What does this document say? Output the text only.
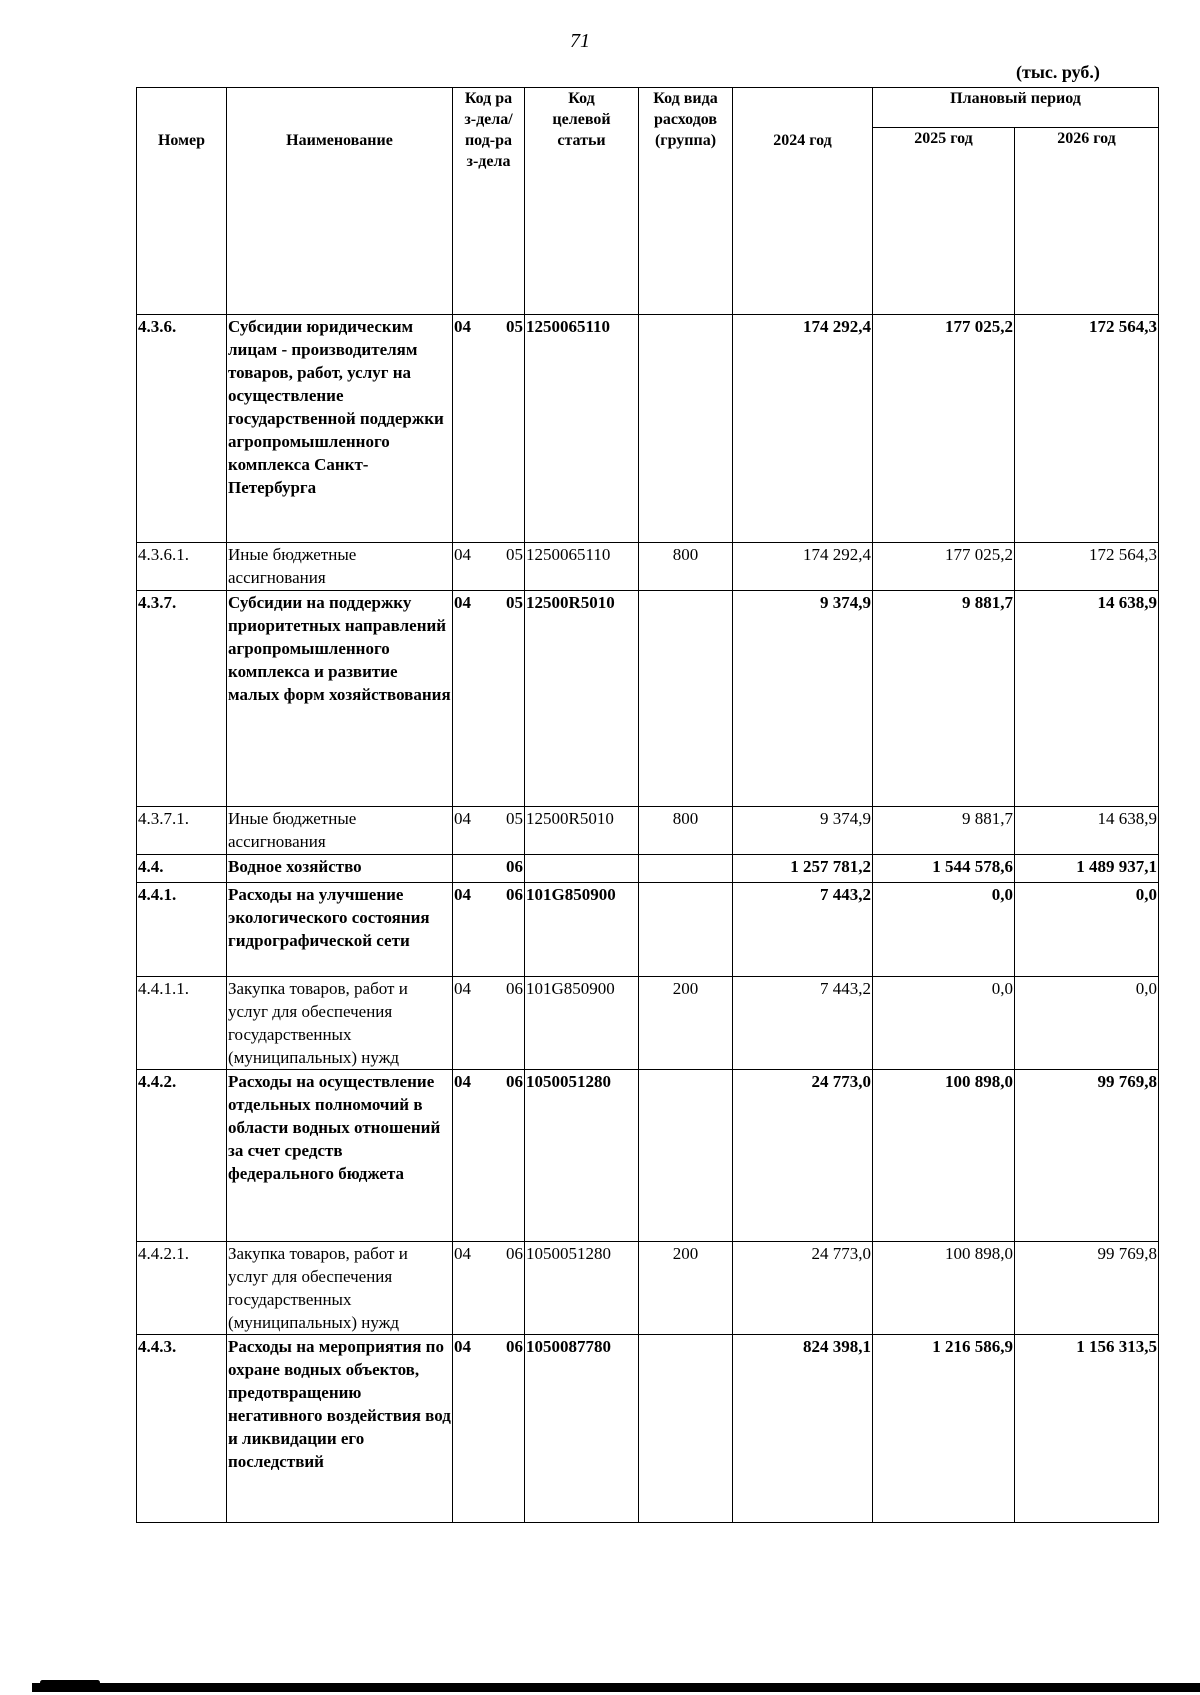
71
(тыс. руб.)
Номер	Наименование	Код раз-дела/ под-раз-дела	Код целевой статьи	Код вида расходов (группа)	2024 год	Плановый период	
						2025 год	2026 год
4.3.6.	Субсидии юридическим лицам - производителям товаров, работ, услуг на осуществление государственной поддержки агропромышленного комплекса Санкт-Петербурга	04 05	1250065110		174 292,4	177 025,2	172 564,3
4.3.6.1.	Иные бюджетные ассигнования	04 05	1250065110	800	174 292,4	177 025,2	172 564,3
4.3.7.	Субсидии на поддержку приоритетных направлений агропромышленного комплекса и развитие малых форм хозяйствования	04 05	12500R5010		9 374,9	9 881,7	14 638,9
4.3.7.1.	Иные бюджетные ассигнования	04 05	12500R5010	800	9 374,9	9 881,7	14 638,9
4.4.	Водное хозяйство	06			1 257 781,2	1 544 578,6	1 489 937,1
4.4.1.	Расходы на улучшение экологического состояния гидрографической сети	04 06	101G850900		7 443,2	0,0	0,0
4.4.1.1.	Закупка товаров, работ и услуг для обеспечения государственных (муниципальных) нужд	04 06	101G850900	200	7 443,2	0,0	0,0
4.4.2.	Расходы на осуществление отдельных полномочий в области водных отношений за счет средств федерального бюджета	04 06	1050051280		24 773,0	100 898,0	99 769,8
4.4.2.1.	Закупка товаров, работ и услуг для обеспечения государственных (муниципальных) нужд	04 06	1050051280	200	24 773,0	100 898,0	99 769,8
4.4.3.	Расходы на мероприятия по охране водных объектов, предотвращению негативного воздействия вод и ликвидации его последствий	04 06	1050087780		824 398,1	1 216 586,9	1 156 313,5
